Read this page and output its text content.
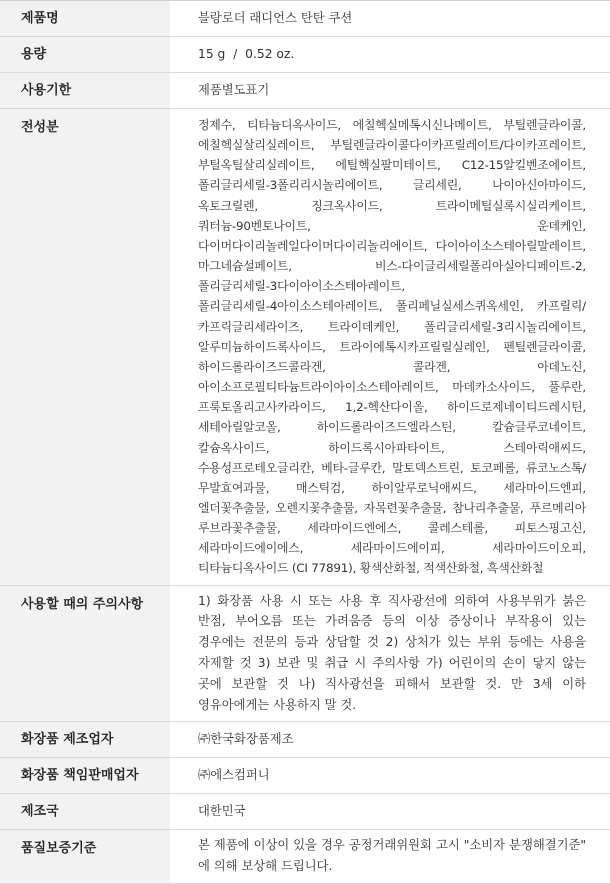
제품명	블랑로더 래디언스 탄탄 쿠션
용량	15 g  /  0.52 oz.
사용기한	제품별도표기
전성분	정제수, 티타늄디옥사이드, 에칠헥실메톡시신나메이트, 부틸렌글라이콜, 에칠헥실살리실레이트, 부틸렌글라이콜다이카프릴레이트/다이카프레이트, 부틸옥틸살리실레이트, 에틸헥실팔미테이트, C12-15알킬벤조에이트, 폴리글리세릴-3폴리리시놀리에이트, 글리세린, 나이아신아마이드, 옥토크릴렌, 징크옥사이드, 트라이메틸실록시실리케이트, 쿼터늄-90벤토나이트, 운데케인, 다이머다이리놀레일다이머다이리놀리에이트, 다이아이소스테아릴말레이트, 마그네슘설페이트, 비스-다이글리세릴폴리아실아디페이트-2, 폴리글리세릴-3다이아이소스테아레이트, 폴리글리세릴-4아이소스테아레이트, 폴리페닐실세스퀴옥세인, 카프릴릭/카프릭글리세라이즈, 트라이데케인, 폴리글리세릴-3리시놀리에이트, 알루미늄하이드록사이드, 트라이에톡시카프릴릴실레인, 펜틸렌글라이콜, 하이드롤라이즈드콜라겐, 콜라겐, 아데노신, 아이소프로필티타늄트라이아이소스테아레이트, 마데카소사이드, 풀루란, 프룩토올리고사카라이드, 1,2-헥산다이올, 하이드로제네이티드레시틴, 세테아릴알코올, 하이드롤라이즈드엘라스틴, 칼슘글루코네이트, 칼슘옥사이드, 하이드록시아파타이트, 스테아릭애씨드, 수용성프로테오글리칸, 베타-글루칸, 말토덱스트린, 토코페롤, 류코노스톡/무발효여과물, 매스틱검, 하이알루로닉애씨드, 세라마이드엔피, 엘더꽃추출물, 오렌지꽃추출물, 자목련꽃추출물, 참나리추출물, 푸르메리아 루브라꽃추출물, 세라마이드엔에스, 콜레스테롤, 피토스핑고신, 세라마이드에이에스, 세라마이드에이피, 세라마이드이오피, 티타늄디옥사이드 (CI 77891), 황색산화철, 적색산화철, 흑색산화철
사용할 때의 주의사항	1) 화장품 사용 시 또는 사용 후 직사광선에 의하여 사용부위가 붉은 반점, 부어오름 또는 가려움증 등의 이상 증상이나 부작용이 있는 경우에는 전문의 등과 상담할 것 2) 상처가 있는 부위 등에는 사용을 자제할 것 3) 보관 및 취급 시 주의사항 가) 어린이의 손이 닿지 않는 곳에 보관할 것 나) 직사광선을 피해서 보관할 것. 만 3세 이하 영유아에게는 사용하지 말 것.
화장품 제조업자	㈜한국화장품제조
화장품 책임판매업자	㈜에스컴퍼니
제조국	대한민국
품질보증기준	본 제품에 이상이 있을 경우 공정거래위원회 고시 "소비자 분쟁해결기준" 에 의해 보상해 드립니다.
